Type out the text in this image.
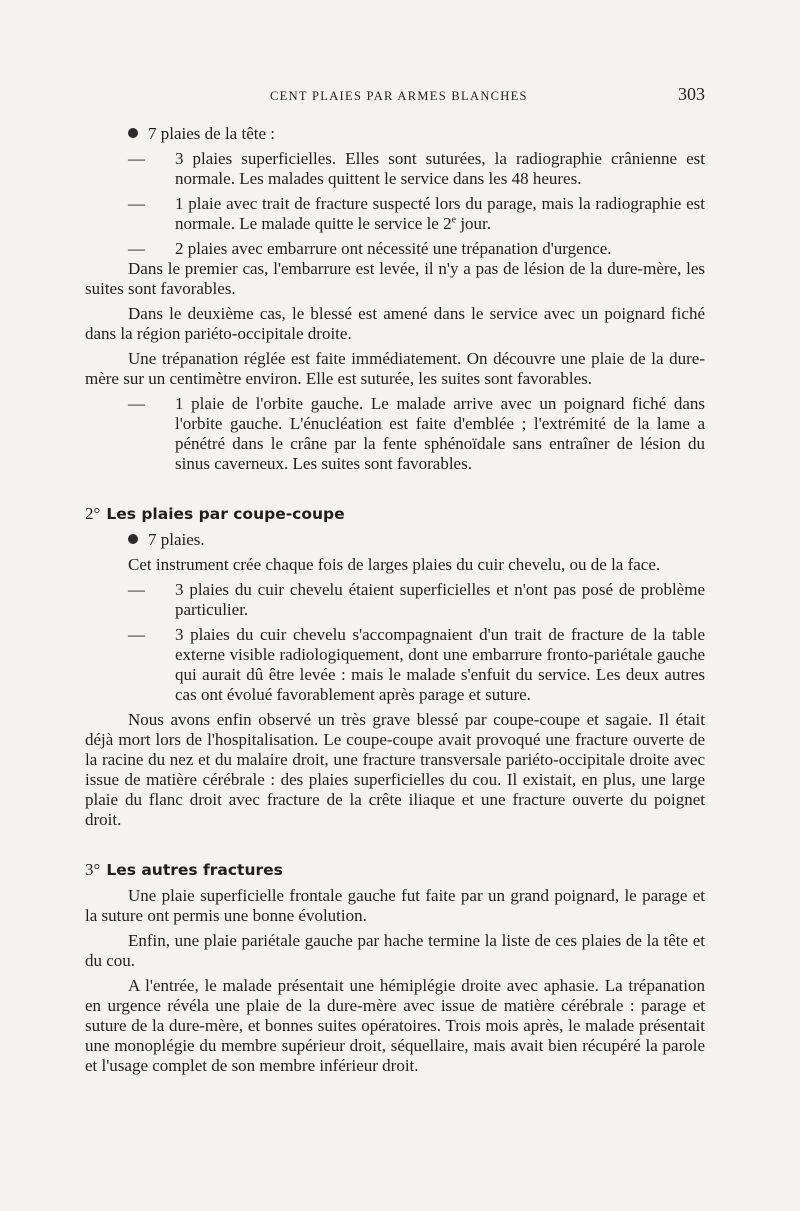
CENT PLAIES PAR ARMES BLANCHES	303

7 plaies de la tête :

— 3 plaies superficielles. Elles sont suturées, la radiographie crânienne est normale. Les malades quittent le service dans les 48 heures.
— 1 plaie avec trait de fracture suspecté lors du parage, mais la radiographie est normale. Le malade quitte le service le 2e jour.
— 2 plaies avec embarrure ont nécessité une trépanation d'urgence.

Dans le premier cas, l'embarrure est levée, il n'y a pas de lésion de la dure-mère, les suites sont favorables.

Dans le deuxième cas, le blessé est amené dans le service avec un poignard fiché dans la région pariéto-occipitale droite.

Une trépanation réglée est faite immédiatement. On découvre une plaie de la dure-mère sur un centimètre environ. Elle est suturée, les suites sont favorables.

— 1 plaie de l'orbite gauche. Le malade arrive avec un poignard fiché dans l'orbite gauche. L'énucléation est faite d'emblée ; l'extrémité de la lame a pénétré dans le crâne par la fente sphénoïdale sans entraîner de lésion du sinus caverneux. Les suites sont favorables.
2° Les plaies par coupe-coupe

7 plaies.

Cet instrument crée chaque fois de larges plaies du cuir chevelu, ou de la face.

— 3 plaies du cuir chevelu étaient superficielles et n'ont pas posé de problème particulier.
— 3 plaies du cuir chevelu s'accompagnaient d'un trait de fracture de la table externe visible radiologiquement, dont une embarrure fronto-pariétale gauche qui aurait dû être levée : mais le malade s'enfuit du service. Les deux autres cas ont évolué favorablement après parage et suture.

Nous avons enfin observé un très grave blessé par coupe-coupe et sagaie. Il était déjà mort lors de l'hospitalisation. Le coupe-coupe avait provoqué une fracture ouverte de la racine du nez et du malaire droit, une fracture transversale pariéto-occipitale droite avec issue de matière cérébrale : des plaies superficielles du cou. Il existait, en plus, une large plaie du flanc droit avec fracture de la crête iliaque et une fracture ouverte du poignet droit.

3° Les autres fractures

Une plaie superficielle frontale gauche fut faite par un grand poignard, le parage et la suture ont permis une bonne évolution.

Enfin, une plaie pariétale gauche par hache termine la liste de ces plaies de la tête et du cou.

A l'entrée, le malade présentait une hémiplégie droite avec aphasie. La trépanation en urgence révéla une plaie de la dure-mère avec issue de matière cérébrale : parage et suture de la dure-mère, et bonnes suites opératoires. Trois mois après, le malade présentait une monoplégie du membre supérieur droit, séquellaire, mais avait bien récupéré la parole et l'usage complet de son membre inférieur droit.
